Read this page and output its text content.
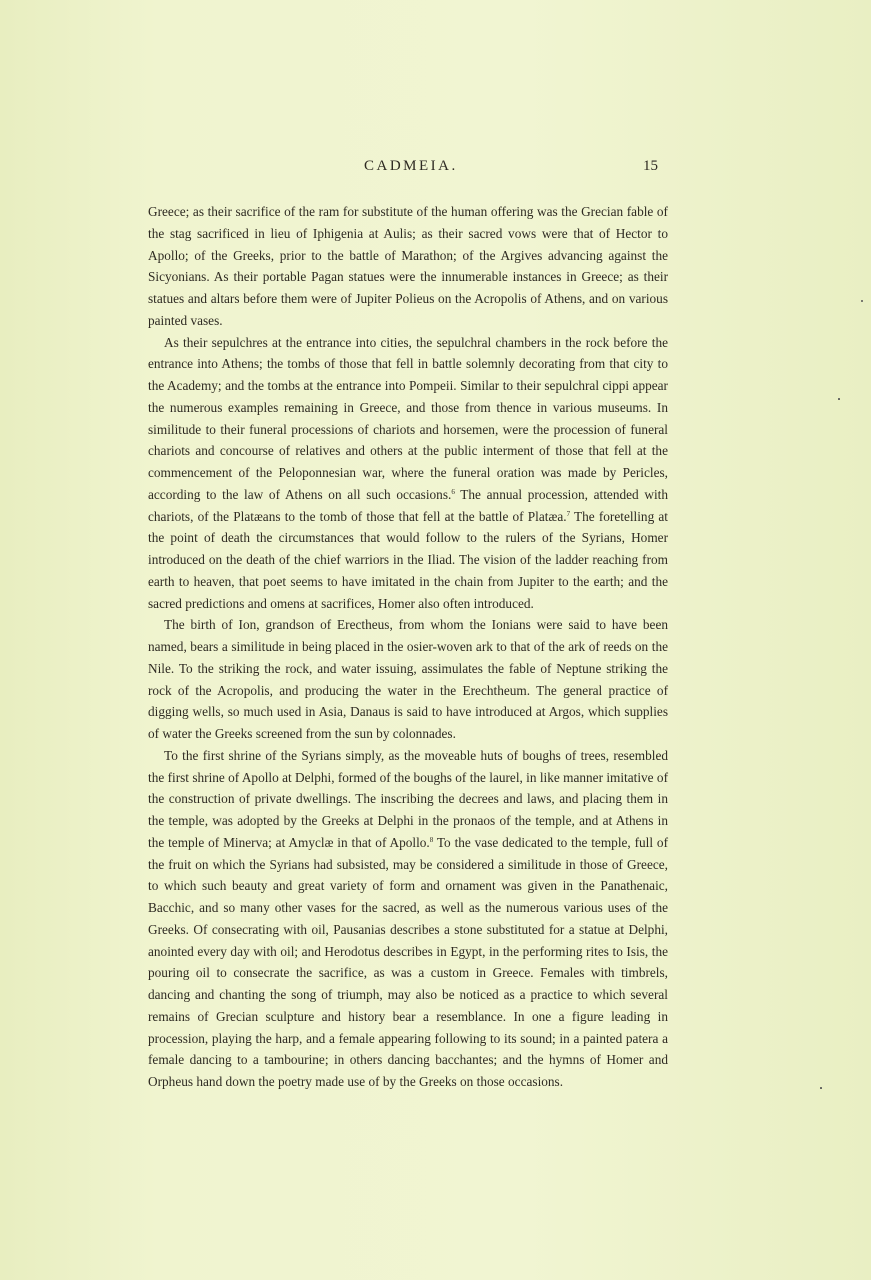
CADMEIA.	15

Greece; as their sacrifice of the ram for substitute of the human offering was the Grecian fable of the stag sacrificed in lieu of Iphigenia at Aulis; as their sacred vows were that of Hector to Apollo; of the Greeks, prior to the battle of Marathon; of the Argives advancing against the Sicyonians. As their portable Pagan statues were the innumerable instances in Greece; as their statues and altars before them were of Jupiter Polieus on the Acropolis of Athens, and on various painted vases.

As their sepulchres at the entrance into cities, the sepulchral chambers in the rock before the entrance into Athens; the tombs of those that fell in battle solemnly decorating from that city to the Academy; and the tombs at the entrance into Pompeii. Similar to their sepulchral cippi appear the numerous examples remaining in Greece, and those from thence in various museums. In similitude to their funeral processions of chariots and horsemen, were the procession of funeral chariots and concourse of relatives and others at the public interment of those that fell at the commencement of the Peloponnesian war, where the funeral oration was made by Pericles, according to the law of Athens on all such occasions.$^6$ The annual procession, attended with chariots, of the Platæans to the tomb of those that fell at the battle of Platæa.$^7$ The foretelling at the point of death the circumstances that would follow to the rulers of the Syrians, Homer introduced on the death of the chief warriors in the Iliad. The vision of the ladder reaching from earth to heaven, that poet seems to have imitated in the chain from Jupiter to the earth; and the sacred predictions and omens at sacrifices, Homer also often introduced.

The birth of Ion, grandson of Erectheus, from whom the Ionians were said to have been named, bears a similitude in being placed in the osier-woven ark to that of the ark of reeds on the Nile. To the striking the rock, and water issuing, assimulates the fable of Neptune striking the rock of the Acropolis, and producing the water in the Erechtheum. The general practice of digging wells, so much used in Asia, Danaus is said to have introduced at Argos, which supplies of water the Greeks screened from the sun by colonnades.

To the first shrine of the Syrians simply, as the moveable huts of boughs of trees, resembled the first shrine of Apollo at Delphi, formed of the boughs of the laurel, in like manner imitative of the construction of private dwellings. The inscribing the decrees and laws, and placing them in the temple, was adopted by the Greeks at Delphi in the pronaos of the temple, and at Athens in the temple of Minerva; at Amyclæ in that of Apollo.$^8$ To the vase dedicated to the temple, full of the fruit on which the Syrians had subsisted, may be considered a similitude in those of Greece, to which such beauty and great variety of form and ornament was given in the Panathenaic, Bacchic, and so many other vases for the sacred, as well as the numerous various uses of the Greeks. Of consecrating with oil, Pausanias describes a stone substituted for a statue at Delphi, anointed every day with oil; and Herodotus describes in Egypt, in the performing rites to Isis, the pouring oil to consecrate the sacrifice, as was a custom in Greece. Females with timbrels, dancing and chanting the song of triumph, may also be noticed as a practice to which several remains of Grecian sculpture and history bear a resemblance. In one a figure leading in procession, playing the harp, and a female appearing following to its sound; in a painted patera a female dancing to a tambourine; in others dancing bacchantes; and the hymns of Homer and Orpheus hand down the poetry made use of by the Greeks on those occasions.
